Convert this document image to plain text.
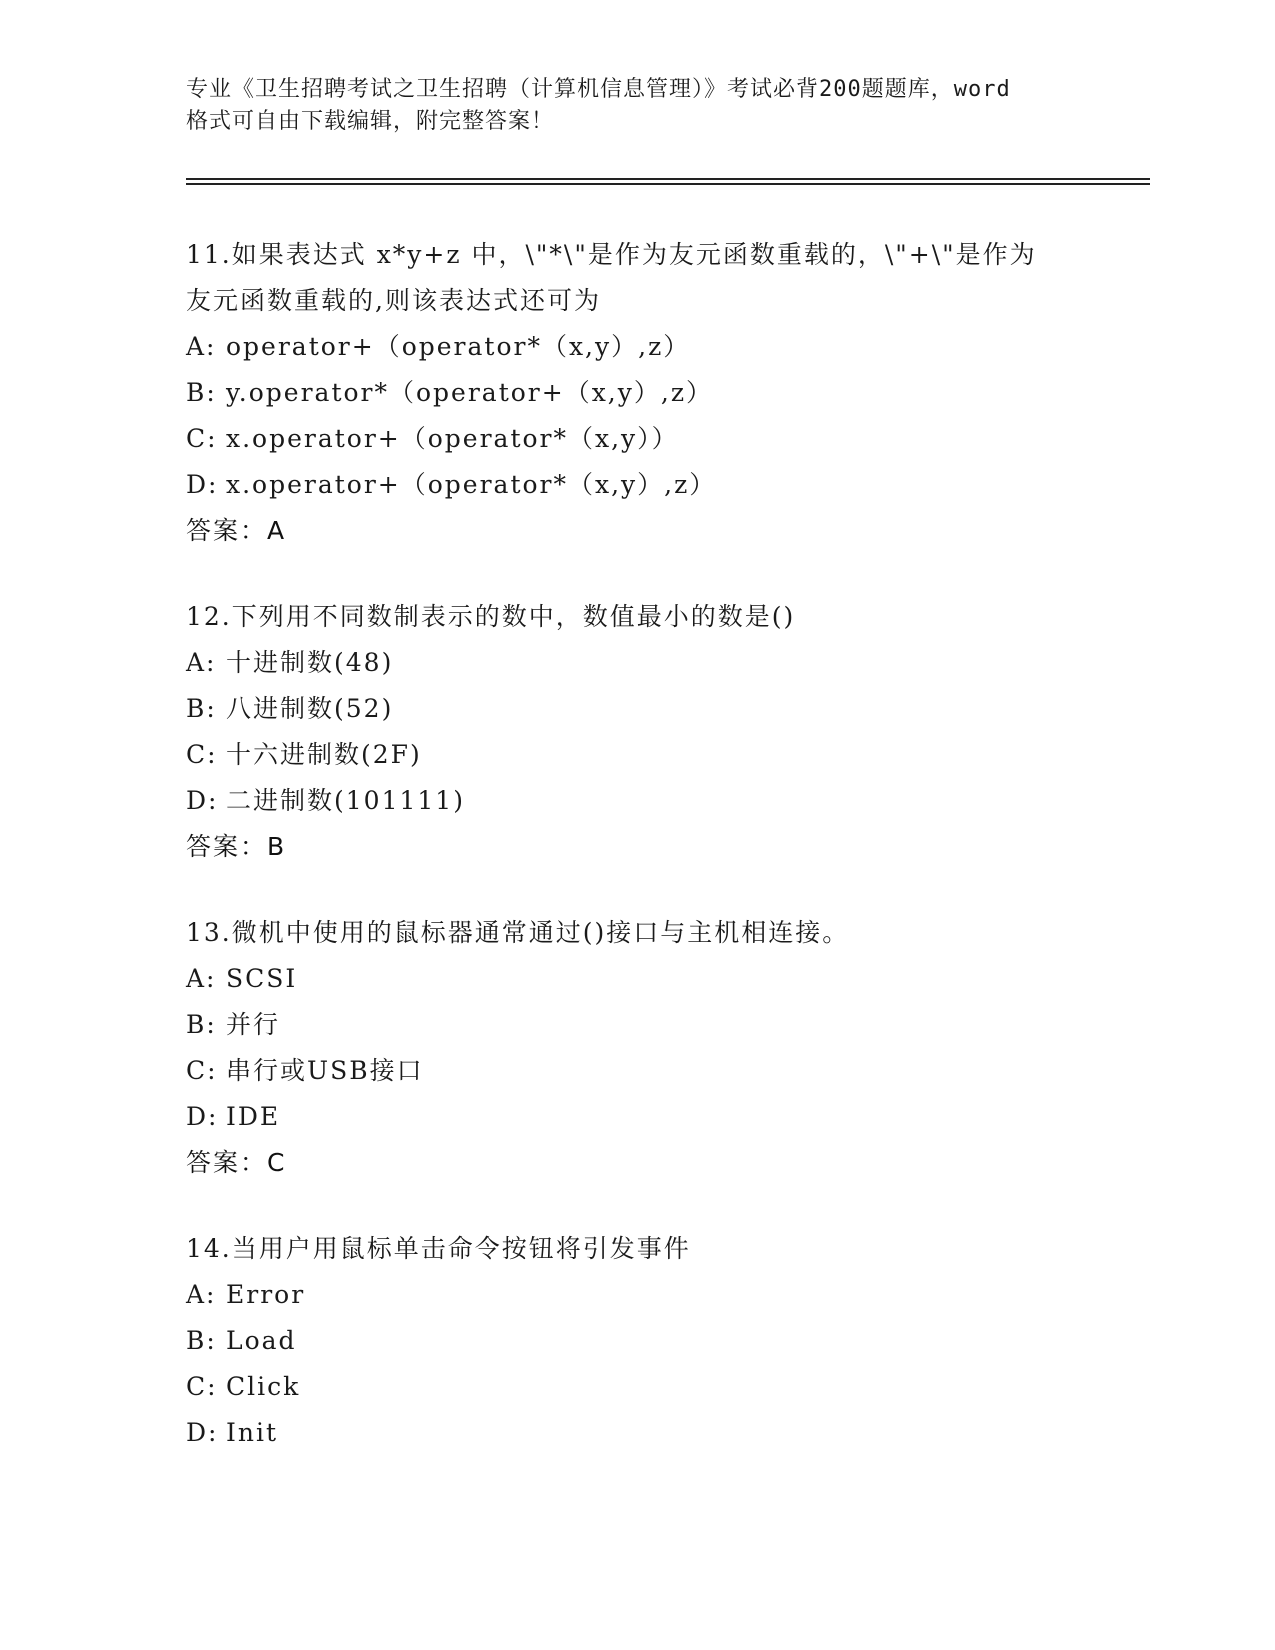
专业《卫生招聘考试之卫生招聘（计算机信息管理）》考试必背200题题库，word
格式可自由下载编辑，附完整答案！
11.如果表达式 x*y+z 中，\"*\"是作为友元函数重载的，\"+\"是作为
友元函数重载的,则该表达式还可为
A: operator+（operator*（x,y）,z）
B: y.operator*（operator+（x,y）,z）
C: x.operator+（operator*（x,y））
D: x.operator+（operator*（x,y）,z）
答案：A
12.下列用不同数制表示的数中，数值最小的数是()
A: 十进制数(48)
B: 八进制数(52)
C: 十六进制数(2F)
D: 二进制数(101111)
答案：B
13.微机中使用的鼠标器通常通过()接口与主机相连接。
A: SCSI
B: 并行
C: 串行或USB接口
D: IDE
答案：C
14.当用户用鼠标单击命令按钮将引发事件
A: Error
B: Load
C: Click
D: Init
